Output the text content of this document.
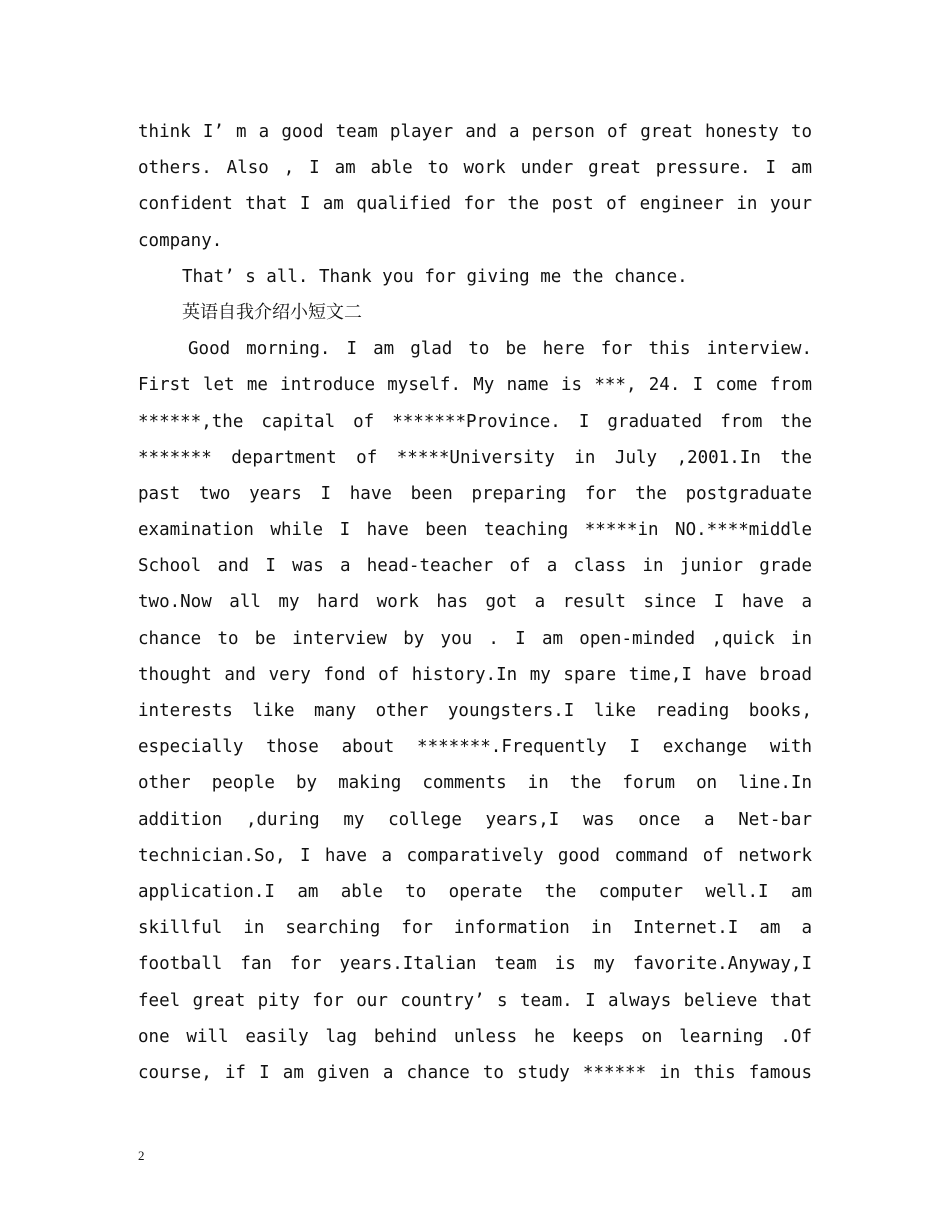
think I’ m a good team player and a person of great honesty to
others. Also , I am able to work under great pressure. I am
confident that I am qualified for the post of engineer in your
company.
That’ s all. Thank you for giving me the chance.
英语自我介绍小短文二
Good morning. I am glad to be here for this interview.
First let me introduce myself. My name is ***, 24. I come from
******,the capital of *******Province. I graduated from the
******* department of *****University in July ,2001.In the
past two years I have been preparing for the postgraduate
examination while I have been teaching *****in NO.****middle
School and I was a head-teacher of a class in junior grade
two.Now all my hard work has got a result since I have a
chance to be interview by you . I am open-minded ,quick in
thought and very fond of history.In my spare time,I have broad
interests like many other youngsters.I like reading books,
especially those about *******.Frequently I exchange with
other people by making comments in the forum on line.In
addition ,during my college years,I was once a Net-bar
technician.So, I have a comparatively good command of network
application.I am able to operate the computer well.I am
skillful in searching for information in Internet.I am a
football fan for years.Italian team is my favorite.Anyway,I
feel great pity for our country’ s team. I always believe that
one will easily lag behind unless he keeps on learning .Of
course, if I am given a chance to study ****** in this famous
2
